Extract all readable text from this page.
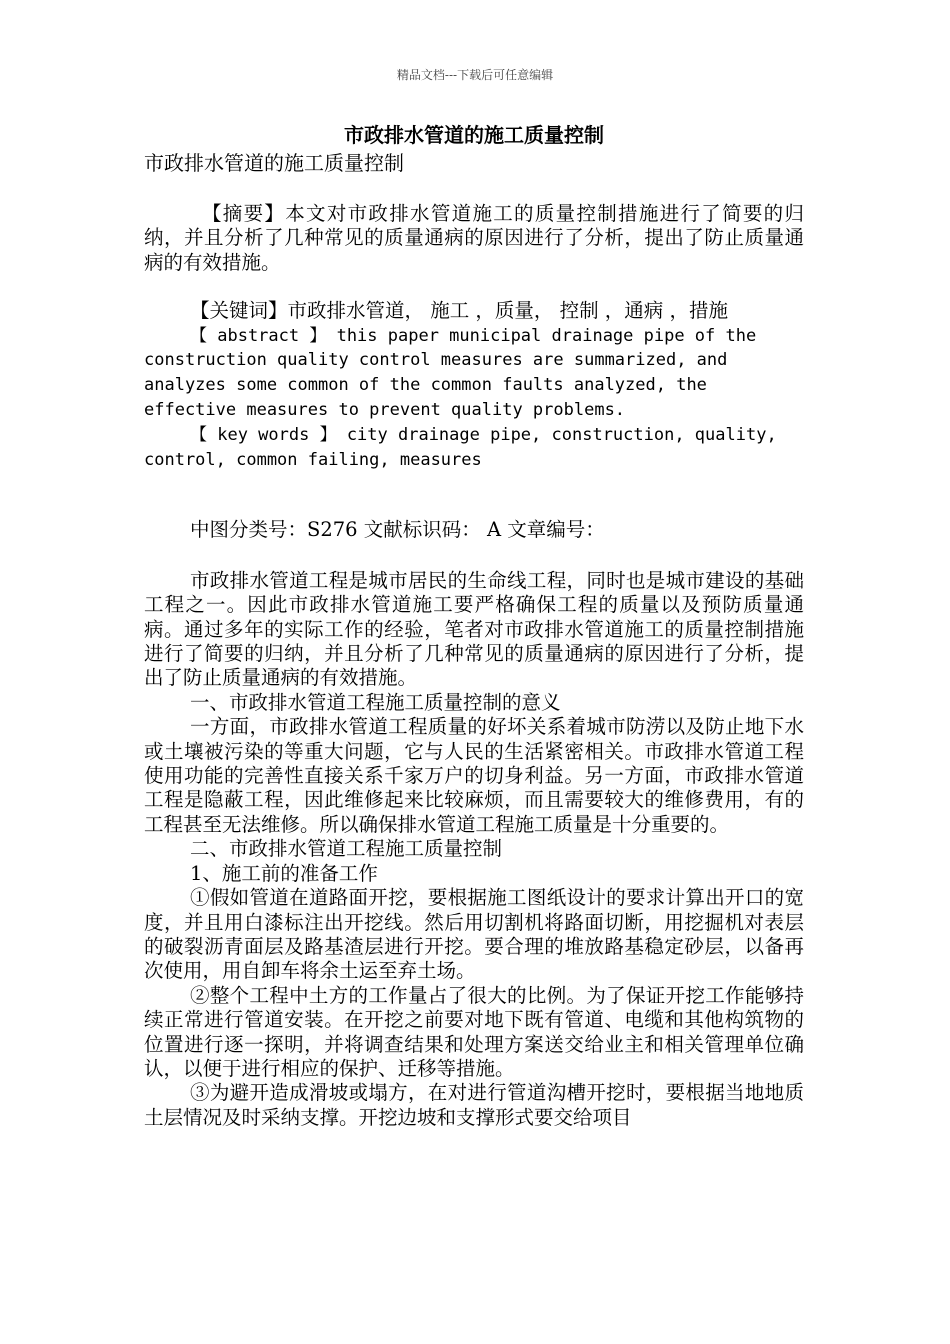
精品文档---下载后可任意编辑
市政排水管道的施工质量控制
市政排水管道的施工质量控制

【摘要】本文对市政排水管道施工的质量控制措施进行了简要的归纳，并且分析了几种常见的质量通病的原因进行了分析，提出了防止质量通病的有效措施。

【关键词】市政排水管道， 施工 ，质量， 控制 ，通病 ，措施

【 abstract 】 this paper municipal drainage pipe of the construction quality control measures are summarized, and analyzes some common of the common faults analyzed, the effective measures to prevent quality problems.

【 key words 】 city drainage pipe, construction, quality, control, common failing, measures

中图分类号：S276 文献标识码： A 文章编号：

市政排水管道工程是城市居民的生命线工程，同时也是城市建设的基础工程之一。因此市政排水管道施工要严格确保工程的质量以及预防质量通病。通过多年的实际工作的经验，笔者对市政排水管道施工的质量控制措施进行了简要的归纳，并且分析了几种常见的质量通病的原因进行了分析，提出了防止质量通病的有效措施。

一、市政排水管道工程施工质量控制的意义

一方面，市政排水管道工程质量的好坏关系着城市防涝以及防止地下水或土壤被污染的等重大问题，它与人民的生活紧密相关。市政排水管道工程使用功能的完善性直接关系千家万户的切身利益。另一方面，市政排水管道工程是隐蔽工程，因此维修起来比较麻烦，而且需要较大的维修费用，有的工程甚至无法维修。所以确保排水管道工程施工质量是十分重要的。

二、市政排水管道工程施工质量控制

1、施工前的准备工作

①假如管道在道路面开挖，要根据施工图纸设计的要求计算出开口的宽度，并且用白漆标注出开挖线。然后用切割机将路面切断，用挖掘机对表层的破裂沥青面层及路基渣层进行开挖。要合理的堆放路基稳定砂层，以备再次使用，用自卸车将余土运至弃土场。

②整个工程中土方的工作量占了很大的比例。为了保证开挖工作能够持续正常进行管道安装。在开挖之前要对地下既有管道、电缆和其他构筑物的位置进行逐一探明，并将调查结果和处理方案送交给业主和相关管理单位确认，以便于进行相应的保护、迁移等措施。

③为避开造成滑坡或塌方，在对进行管道沟槽开挖时，要根据当地地质土层情况及时采纳支撑。开挖边坡和支撑形式要交给项目
